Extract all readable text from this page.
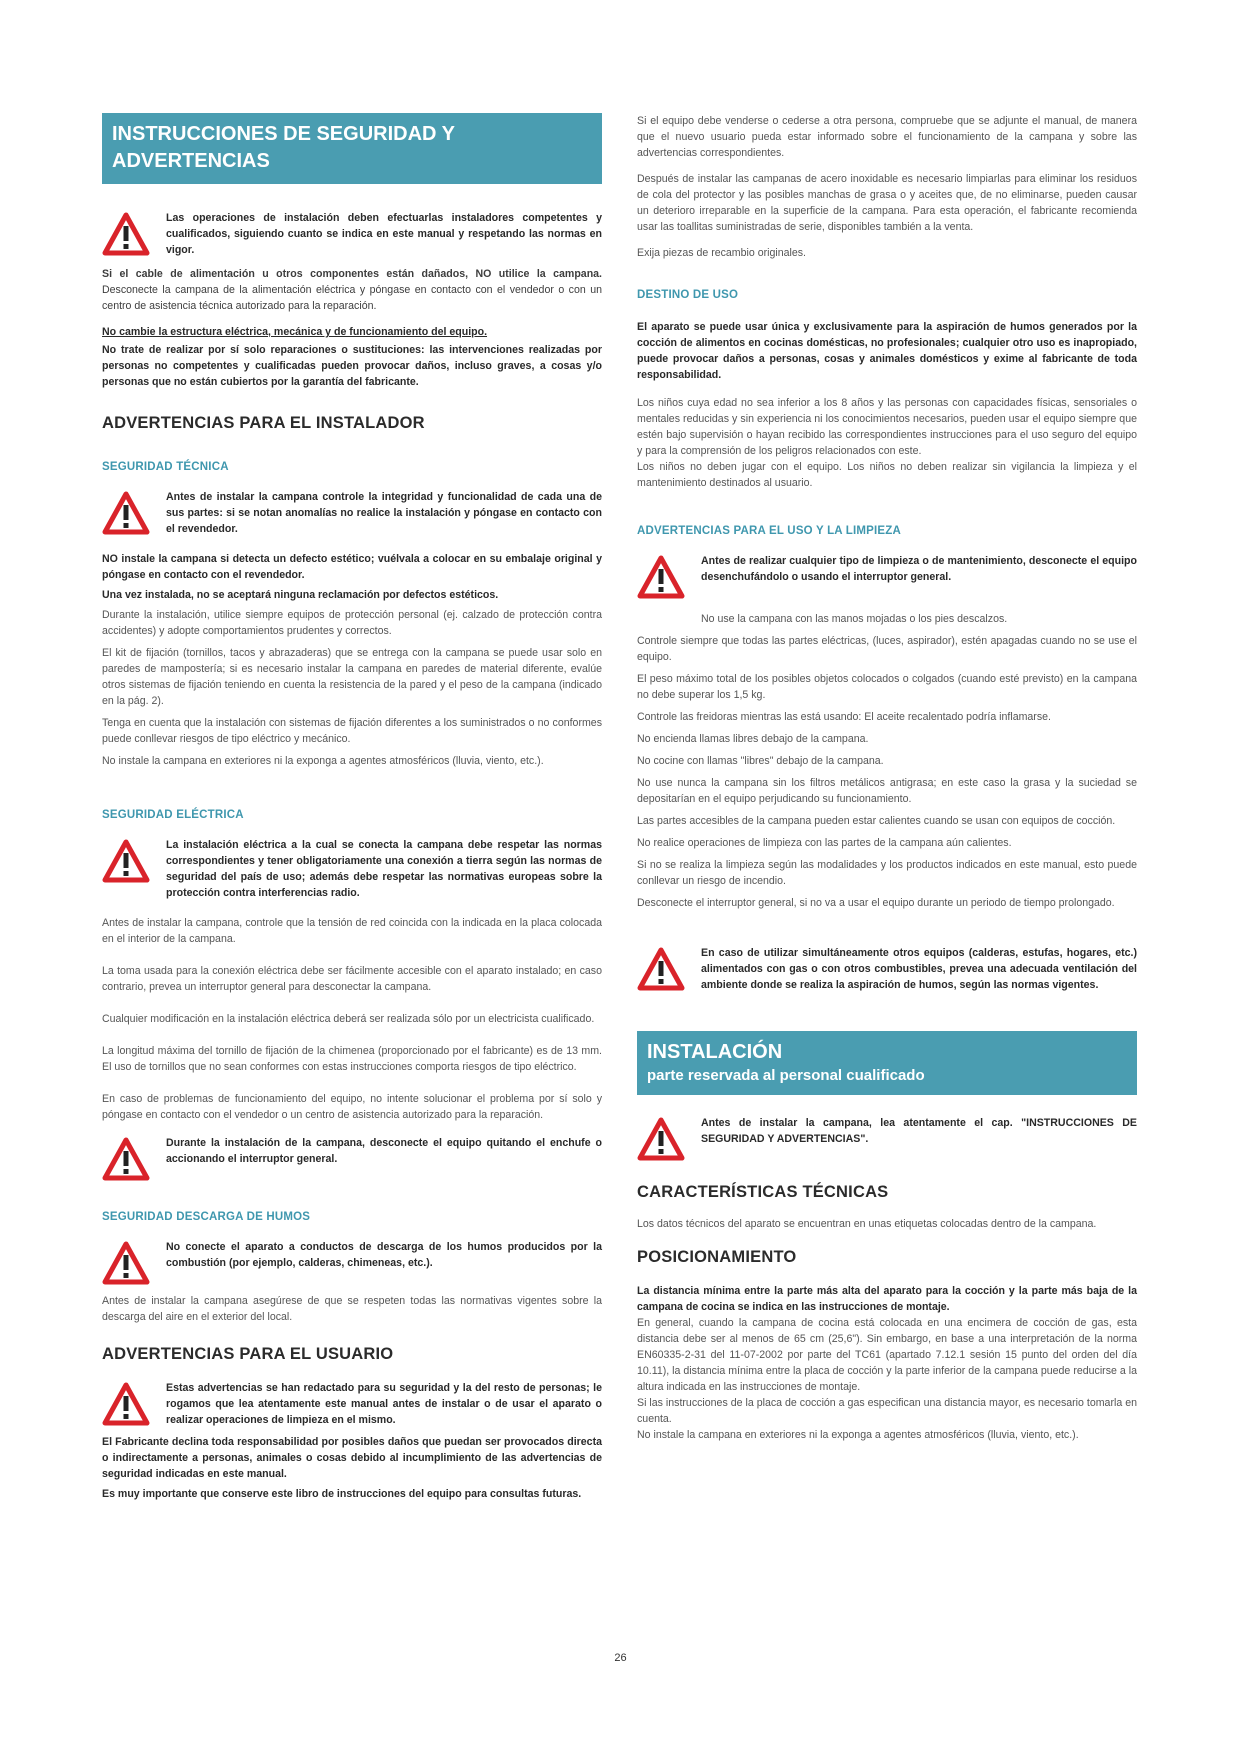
INSTRUCCIONES DE SEGURIDAD Y ADVERTENCIAS

Las operaciones de instalación deben efectuarlas instaladores competentes y cualificados, siguiendo cuanto se indica en este manual y respetando las normas en vigor.

Si el cable de alimentación u otros componentes están dañados, NO utilice la campana. Desconecte la campana de la alimentación eléctrica y póngase en contacto con el vendedor o con un centro de asistencia técnica autorizado para la reparación.

No cambie la estructura eléctrica, mecánica y de funcionamiento del equipo.

No trate de realizar por sí solo reparaciones o sustituciones: las intervenciones realizadas por personas no competentes y cualificadas pueden provocar daños, incluso graves, a cosas y/o personas que no están cubiertos por la garantía del fabricante.

ADVERTENCIAS PARA EL INSTALADOR
SEGURIDAD TÉCNICA

Antes de instalar la campana controle la integridad y funcionalidad de cada una de sus partes: si se notan anomalías no realice la instalación y póngase en contacto con el revendedor.

NO instale la campana si detecta un defecto estético; vuélvala a colocar en su embalaje original y póngase en contacto con el revendedor.

Una vez instalada, no se aceptará ninguna reclamación por defectos estéticos.

Durante la instalación, utilice siempre equipos de protección personal (ej. calzado de protección contra accidentes) y adopte comportamientos prudentes y correctos.

El kit de fijación (tornillos, tacos y abrazaderas) que se entrega con la campana se puede usar solo en paredes de mampostería; si es necesario instalar la campana en paredes de material diferente, evalúe otros sistemas de fijación teniendo en cuenta la resistencia de la pared y el peso de la campana (indicado en la pág. 2).

Tenga en cuenta que la instalación con sistemas de fijación diferentes a los suministrados o no conformes puede conllevar riesgos de tipo eléctrico y mecánico.

No instale la campana en exteriores ni la exponga a agentes atmosféricos (lluvia, viento, etc.).

SEGURIDAD ELÉCTRICA

La instalación eléctrica a la cual se conecta la campana debe respetar las normas correspondientes y tener obligatoriamente una conexión a tierra según las normas de seguridad del país de uso; además debe respetar las normativas europeas sobre la protección contra interferencias radio.

Antes de instalar la campana, controle que la tensión de red coincida con la indicada en la placa colocada en el interior de la campana.

La toma usada para la conexión eléctrica debe ser fácilmente accesible con el aparato instalado; en caso contrario, prevea un interruptor general para desconectar la campana.

Cualquier modificación en la instalación eléctrica deberá ser realizada sólo por un electricista cualificado.

La longitud máxima del tornillo de fijación de la chimenea (proporcionado por el fabricante) es de 13 mm. El uso de tornillos que no sean conformes con estas instrucciones comporta riesgos de tipo eléctrico.

En caso de problemas de funcionamiento del equipo, no intente solucionar el problema por sí solo y póngase en contacto con el vendedor o un centro de asistencia autorizado para la reparación.

Durante la instalación de la campana, desconecte el equipo quitando el enchufe o accionando el interruptor general.

SEGURIDAD DESCARGA DE HUMOS

No conecte el aparato a conductos de descarga de los humos producidos por la combustión (por ejemplo, calderas, chimeneas, etc.).

Antes de instalar la campana asegúrese de que se respeten todas las normativas vigentes sobre la descarga del aire en el exterior del local.

ADVERTENCIAS PARA EL USUARIO

Estas advertencias se han redactado para su seguridad y la del resto de personas; le rogamos que lea atentamente este manual antes de instalar o de usar el aparato o realizar operaciones de limpieza en el mismo.

El Fabricante declina toda responsabilidad por posibles daños que puedan ser provocados directa o indirectamente a personas, animales o cosas debido al incumplimiento de las advertencias de seguridad indicadas en este manual.

Es muy importante que conserve este libro de instrucciones del equipo para consultas futuras.

Si el equipo debe venderse o cederse a otra persona, compruebe que se adjunte el manual, de manera que el nuevo usuario pueda estar informado sobre el funcionamiento de la campana y sobre las advertencias correspondientes.

Después de instalar las campanas de acero inoxidable es necesario limpiarlas para eliminar los residuos de cola del protector y las posibles manchas de grasa o y aceites que, de no eliminarse, pueden causar un deterioro irreparable en la superficie de la campana. Para esta operación, el fabricante recomienda usar las toallitas suministradas de serie, disponibles también a la venta.

Exija piezas de recambio originales.

DESTINO DE USO

El aparato se puede usar única y exclusivamente para la aspiración de humos generados por la cocción de alimentos en cocinas domésticas, no profesionales; cualquier otro uso es inapropiado, puede provocar daños a personas, cosas y animales domésticos y exime al fabricante de toda responsabilidad.

Los niños cuya edad no sea inferior a los 8 años y las personas con capacidades físicas, sensoriales o mentales reducidas y sin experiencia ni los conocimientos necesarios, pueden usar el equipo siempre que estén bajo supervisión o hayan recibido las correspondientes instrucciones para el uso seguro del equipo y para la comprensión de los peligros relacionados con este.

Los niños no deben jugar con el equipo. Los niños no deben realizar sin vigilancia la limpieza y el mantenimiento destinados al usuario.

ADVERTENCIAS PARA EL USO Y LA LIMPIEZA

Antes de realizar cualquier tipo de limpieza o de mantenimiento, desconecte el equipo desenchufándolo o usando el interruptor general.

No use la campana con las manos mojadas o los pies descalzos.

Controle siempre que todas las partes eléctricas, (luces, aspirador), estén apagadas cuando no se use el equipo.

El peso máximo total de los posibles objetos colocados o colgados (cuando esté previsto) en la campana no debe superar los 1,5 kg.

Controle las freidoras mientras las está usando: El aceite recalentado podría inflamarse.

No encienda llamas libres debajo de la campana.

No cocine con llamas "libres" debajo de la campana.

No use nunca la campana sin los filtros metálicos antigrasa; en este caso la grasa y la suciedad se depositarían en el equipo perjudicando su funcionamiento.

Las partes accesibles de la campana pueden estar calientes cuando se usan con equipos de cocción.

No realice operaciones de limpieza con las partes de la campana aún calientes.

Si no se realiza la limpieza según las modalidades y los productos indicados en este manual, esto puede conllevar un riesgo de incendio.

Desconecte el interruptor general, si no va a usar el equipo durante un periodo de tiempo prolongado.

En caso de utilizar simultáneamente otros equipos (calderas, estufas, hogares, etc.) alimentados con gas o con otros combustibles, prevea una adecuada ventilación del ambiente donde se realiza la aspiración de humos, según las normas vigentes.

INSTALACIÓN
parte reservada al personal cualificado

Antes de instalar la campana, lea atentamente el cap. "INSTRUCCIONES DE SEGURIDAD Y ADVERTENCIAS".

CARACTERÍSTICAS TÉCNICAS

Los datos técnicos del aparato se encuentran en unas etiquetas colocadas dentro de la campana.

POSICIONAMIENTO

La distancia mínima entre la parte más alta del aparato para la cocción y la parte más baja de la campana de cocina se indica en las instrucciones de montaje.

En general, cuando la campana de cocina está colocada en una encimera de cocción de gas, esta distancia debe ser al menos de 65 cm (25,6"). Sin embargo, en base a una interpretación de la norma EN60335-2-31 del 11-07-2002 por parte del TC61 (apartado 7.12.1 sesión 15 punto del orden del día 10.11), la distancia mínima entre la placa de cocción y la parte inferior de la campana puede reducirse a la altura indicada en las instrucciones de montaje.

Si las instrucciones de la placa de cocción a gas especifican una distancia mayor, es necesario tomarla en cuenta.

No instale la campana en exteriores ni la exponga a agentes atmosféricos (lluvia, viento, etc.).

26
